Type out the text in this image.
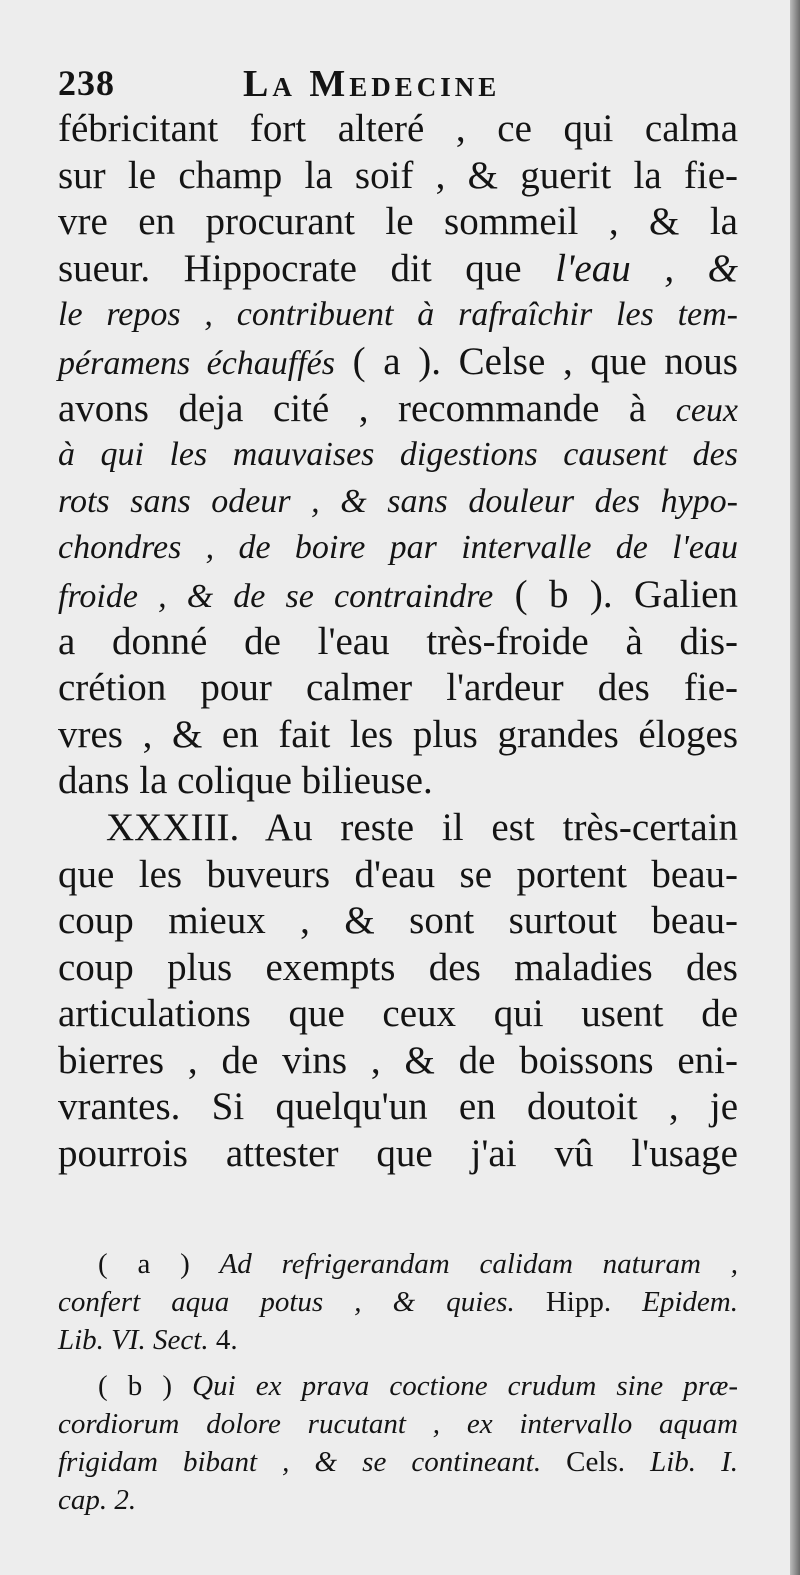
238	La Medecine
fébricitant fort alteré , ce qui calma
sur le champ la soif , & guerit la fie-
vre en procurant le sommeil , & la
sueur. Hippocrate dit que l'eau , &
le repos , contribuent à rafraîchir les tem-
péramens échauffés ( a ). Celse , que nous
avons deja cité , recommande à ceux
à qui les mauvaises digestions causent des
rots sans odeur , & sans douleur des hypo-
chondres , de boire par intervalle de l'eau
froide , & de se contraindre ( b ). Galien
a donné de l'eau très-froide à dis-
crétion pour calmer l'ardeur des fie-
vres , & en fait les plus grandes éloges
dans la colique bilieuse.
XXXIII. Au reste il est très-certain
que les buveurs d'eau se portent beau-
coup mieux , & sont surtout beau-
coup plus exempts des maladies des
articulations que ceux qui usent de
bierres , de vins , & de boissons eni-
vrantes. Si quelqu'un en doutoit , je
pourrois attester que j'ai vû l'usage
( a ) Ad refrigerandam calidam naturam ,
confert aqua potus , & quies. Hipp. Epidem.
Lib. VI. Sect. 4.
( b ) Qui ex prava coctione crudum sine præ-
cordiorum dolore rucutant , ex intervallo aquam
frigidam bibant , & se contineant. Cels. Lib. I.
cap. 2.
